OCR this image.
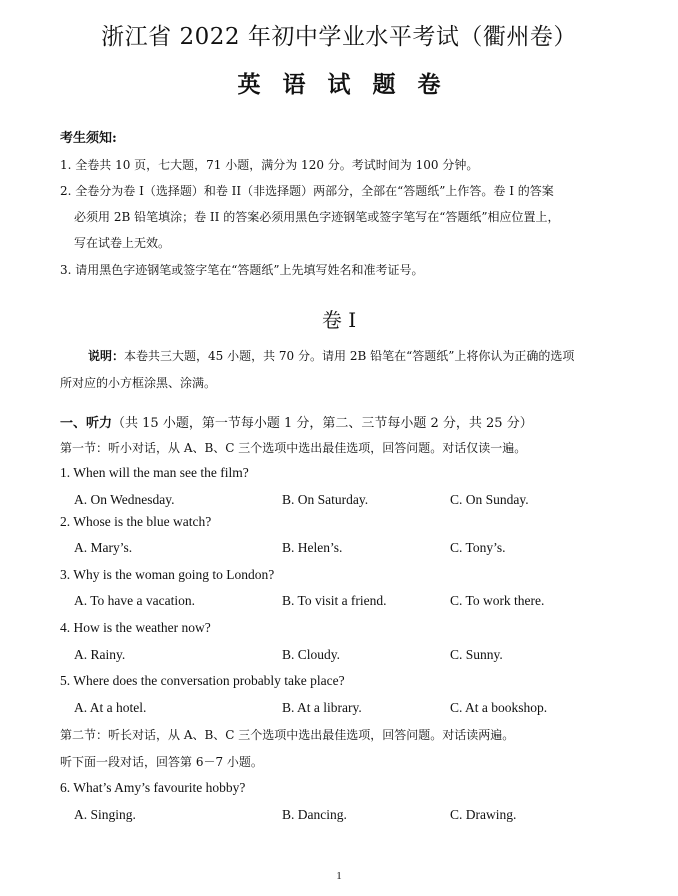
浙江省 2022 年初中学业水平考试（衢州卷）
英语试题卷
考生须知:
1. 全卷共 10 页，七大题，71 小题，满分为 120 分。考试时间为 100 分钟。
2. 全卷分为卷 I（选择题）和卷 II（非选择题）两部分，全部在“答题纸”上作答。卷 I 的答案
必须用 2B 铅笔填涂；卷 II 的答案必须用黑色字迹钢笔或签字笔写在“答题纸”相应位置上，
写在试卷上无效。
3. 请用黑色字迹钢笔或签字笔在“答题纸”上先填写姓名和准考证号。
卷 I
说明：本卷共三大题，45 小题，共 70 分。请用 2B 铅笔在“答题纸”上将你认为正确的选项
所对应的小方框涂黑、涂满。
一、听力（共 15 小题，第一节每小题 1 分，第二、三节每小题 2 分，共 25 分）
第一节：听小对话，从 A、B、C 三个选项中选出最佳选项，回答问题。对话仅读一遍。
1. When will the man see the film?
A. On Wednesday.	B. On Saturday.	C. On Sunday.
2. Whose is the blue watch?
A. Mary’s.	B. Helen’s.	C. Tony’s.
3. Why is the woman going to London?
A. To have a vacation.	B. To visit a friend.	C. To work there.
4. How is the weather now?
A. Rainy.	B. Cloudy.	C. Sunny.
5. Where does the conversation probably take place?
A. At a hotel.	B. At a library.	C. At a bookshop.
第二节：听长对话，从 A、B、C 三个选项中选出最佳选项，回答问题。对话读两遍。
听下面一段对话，回答第 6－7 小题。
6. What’s Amy’s favourite hobby?
A. Singing.	B. Dancing.	C. Drawing.
1
